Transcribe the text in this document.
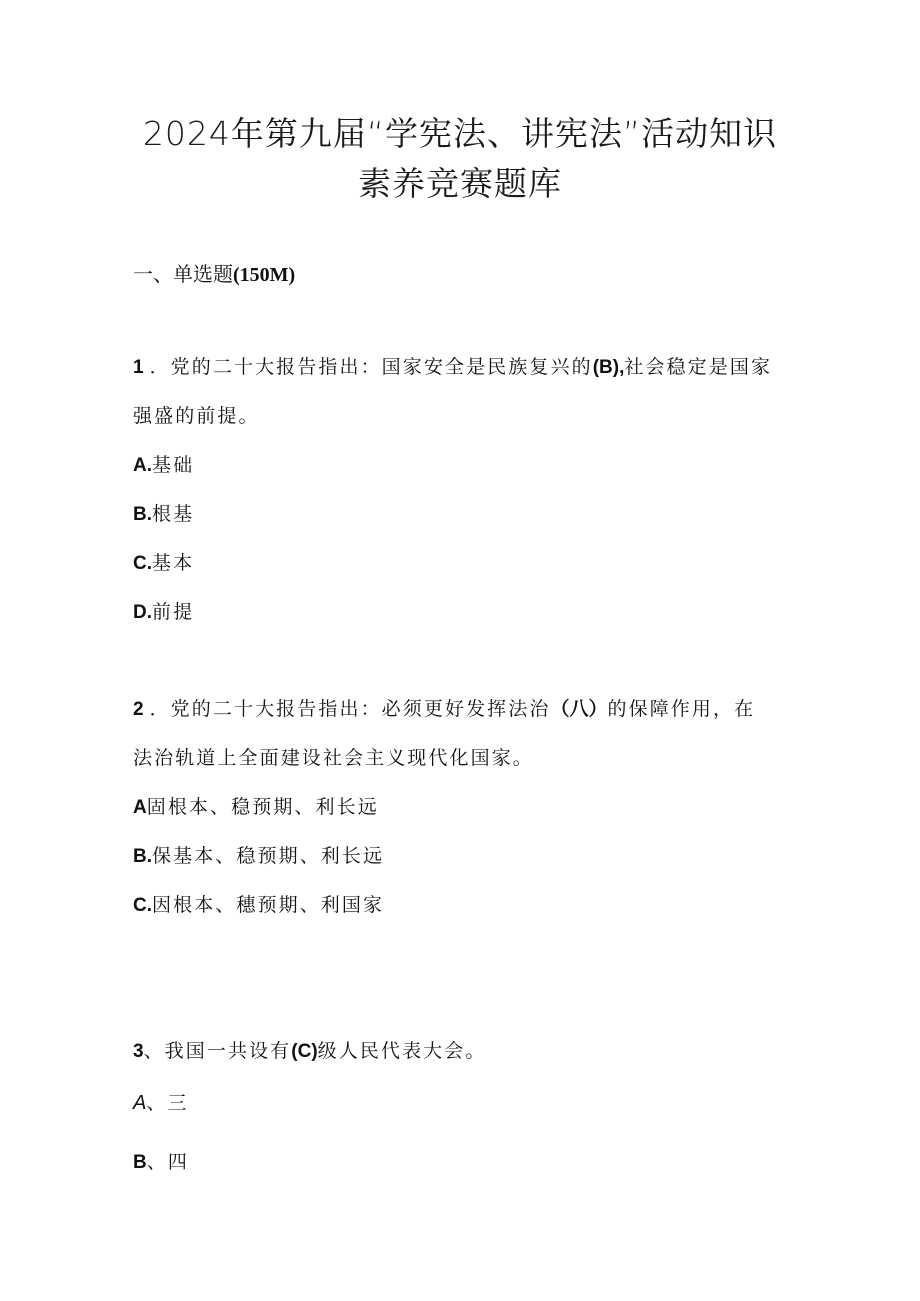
2024年第九届“学宪法、讲宪法”活动知识
素养竞赛题库
一、单选题(150M)
1 ．党的二十大报告指出：国家安全是民族复兴的(B),社会稳定是国家
强盛的前提。
A.基础
B.根基
C.基本
D.前提
2 ．党的二十大报告指出：必须更好发挥法治（八）的保障作用，在
法治轨道上全面建设社会主义现代化国家。
A固根本、稳预期、利长远
B.保基本、稳预期、利长远
C.因根本、穗预期、利国家
3、我国一共设有(C)级人民代表大会。
A、三
B、四
